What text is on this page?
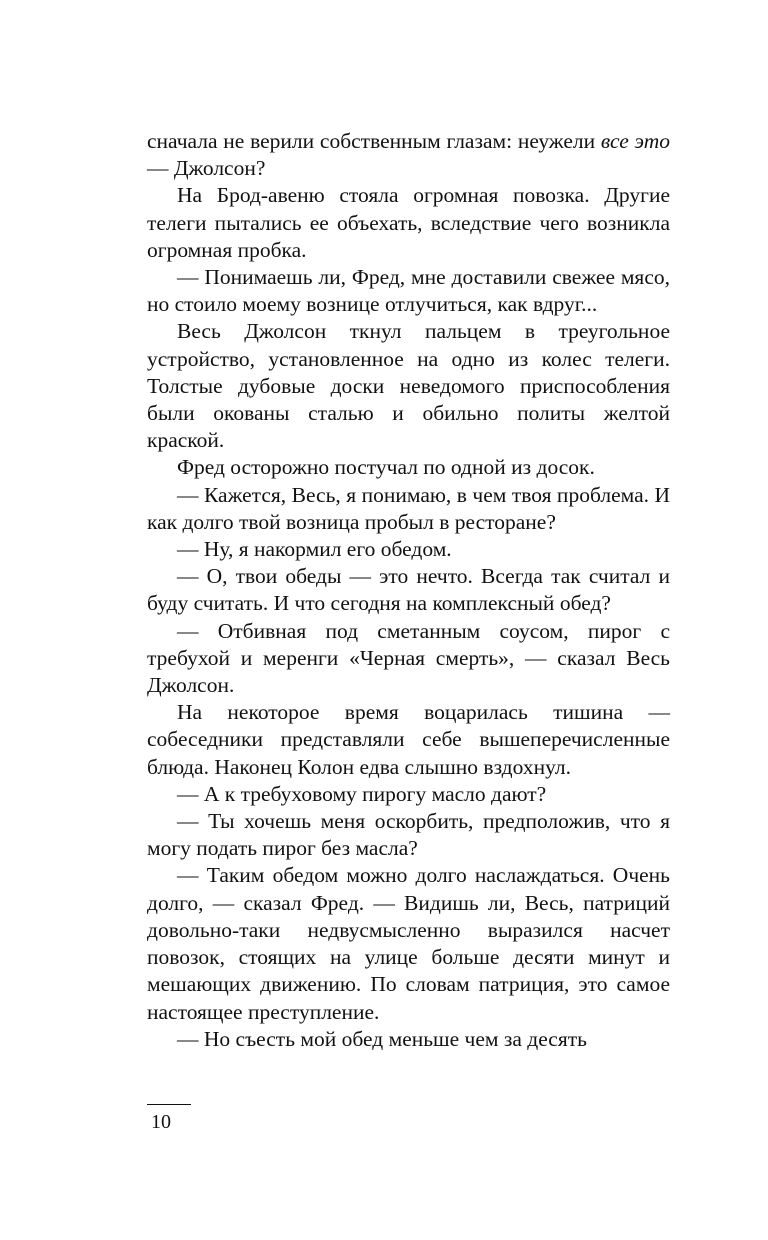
сначала не верили собственным глазам: неужели все это — Джолсон?

На Брод-авеню стояла огромная повозка. Другие телеги пытались ее объехать, вследствие чего возникла огромная пробка.

— Понимаешь ли, Фред, мне доставили свежее мясо, но стоило моему вознице отлучиться, как вдруг...

Весь Джолсон ткнул пальцем в треугольное устройство, установленное на одно из колес телеги. Толстые дубовые доски неведомого приспособления были окованы сталью и обильно политы желтой краской.

Фред осторожно постучал по одной из досок.

— Кажется, Весь, я понимаю, в чем твоя проблема. И как долго твой возница пробыл в ресторане?

— Ну, я накормил его обедом.

— О, твои обеды — это нечто. Всегда так считал и буду считать. И что сегодня на комплексный обед?

— Отбивная под сметанным соусом, пирог с требухой и меренги «Черная смерть», — сказал Весь Джолсон.

На некоторое время воцарилась тишина — собеседники представляли себе вышеперечисленные блюда. Наконец Колон едва слышно вздохнул.

— А к требуховому пирогу масло дают?

— Ты хочешь меня оскорбить, предположив, что я могу подать пирог без масла?

— Таким обедом можно долго наслаждаться. Очень долго, — сказал Фред. — Видишь ли, Весь, патриций довольно-таки недвусмысленно выразился насчет повозок, стоящих на улице больше десяти минут и мешающих движению. По словам патриция, это самое настоящее преступление.

— Но съесть мой обед меньше чем за десять

10
